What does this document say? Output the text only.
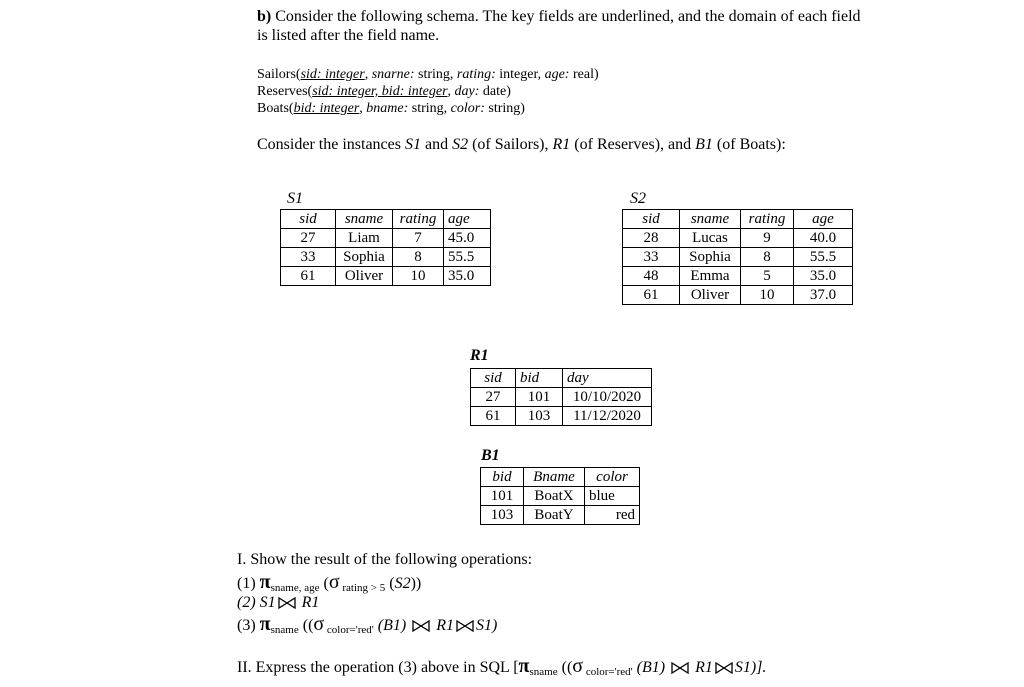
b) Consider the following schema. The key fields are underlined, and the domain of each field
is listed after the field name.
Sailors(sid: integer, snarne: string, rating: integer, age: real)
Reserves(sid: integer, bid: integer, day: date)
Boats(bid: integer, bname: string, color: string)
Consider the instances S1 and S2 (of Sailors), R1 (of Reserves), and B1 (of Boats):
S1
sid	sname	rating	age
27	Liam	7	45.0
33	Sophia	8	55.5
61	Oliver	10	35.0
S2
sid	sname	rating	age
28	Lucas	9	40.0
33	Sophia	8	55.5
48	Emma	5	35.0
61	Oliver	10	37.0
R1
sid	bid	day
27	101	10/10/2020
61	103	11/12/2020
B1
bid	Bname	color
101	BoatX	blue
103	BoatY	red
I. Show the result of the following operations:
(1) $\pi_{sname, age}$ (σ $_{rating > 5}$ (S2))
(2) S1 R1
(3) $\pi_{sname}$ ((σ $_{color='red'}$ (B1)  R1 S1)
II. Express the operation (3) above in SQL [$\pi_{sname}$ ((σ $_{color='red'}$ (B1)  R1 S1)].
